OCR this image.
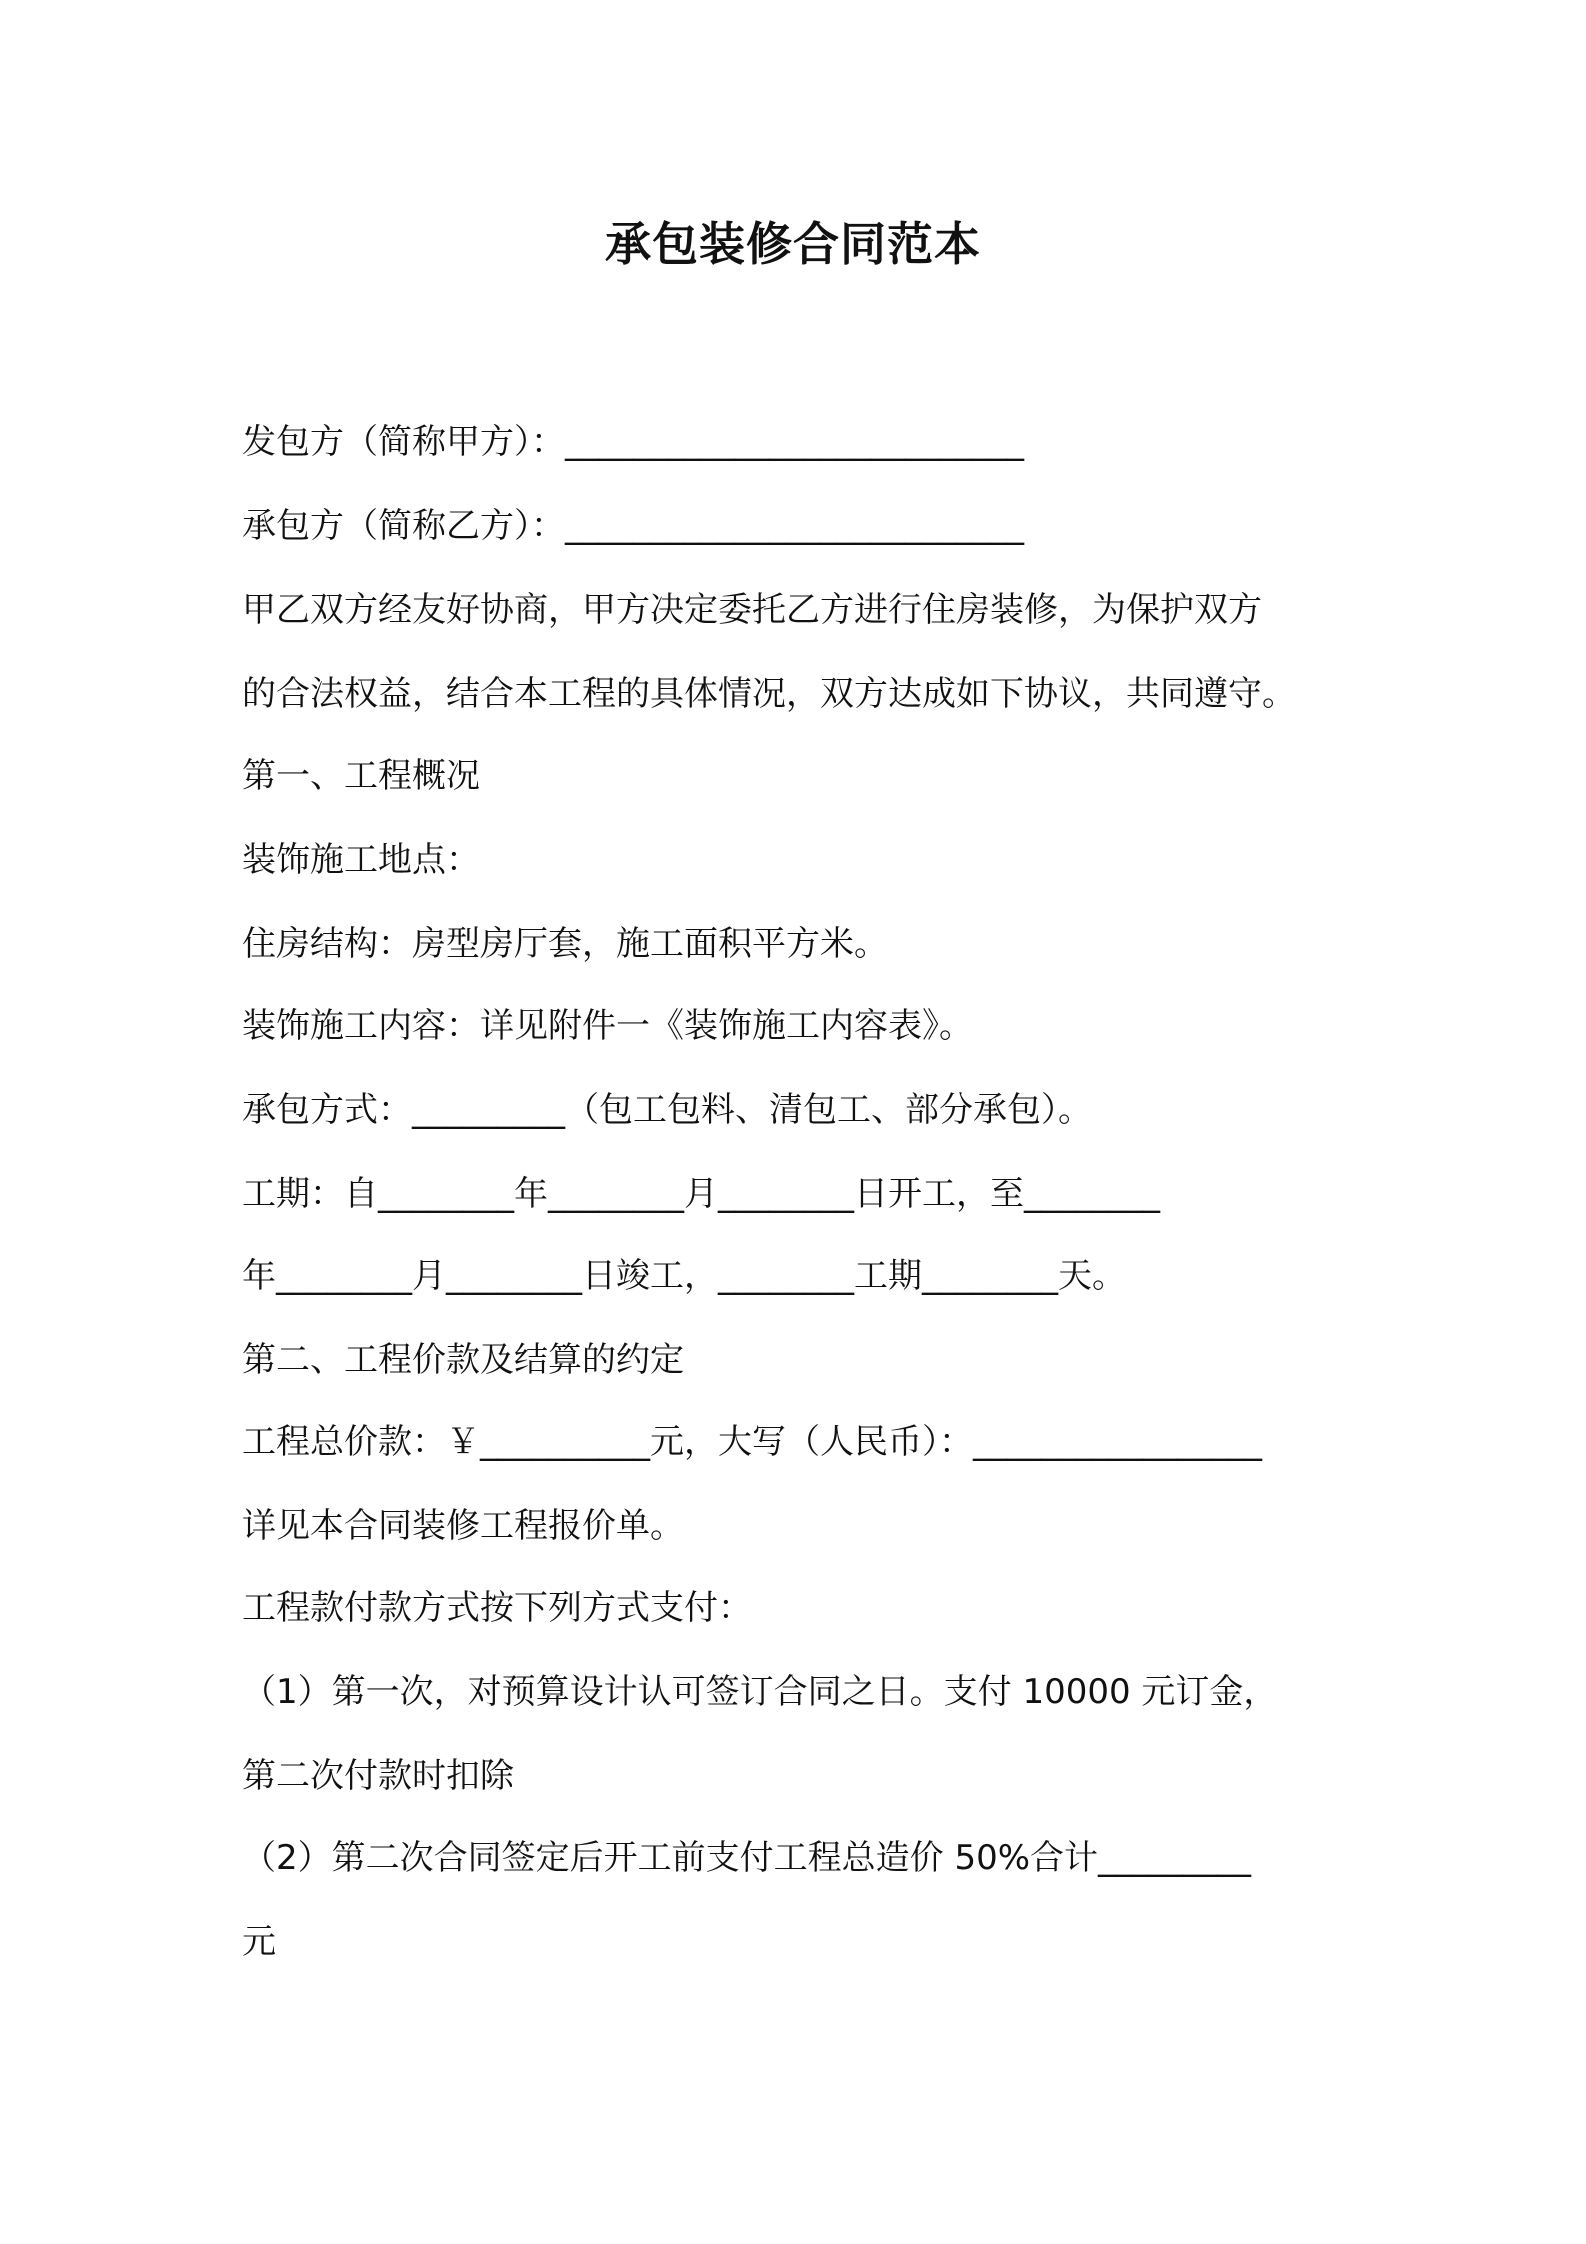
承包装修合同范本
发包方（简称甲方）：___________________________
承包方（简称乙方）：___________________________
甲乙双方经友好协商，甲方决定委托乙方进行住房装修，为保护双方
的合法权益，结合本工程的具体情况，双方达成如下协议，共同遵守。
第一、工程概况
装饰施工地点：
住房结构：房型房厅套，施工面积平方米。
装饰施工内容：详见附件一《装饰施工内容表》。
承包方式：_________（包工包料、清包工、部分承包）。
工期：自________年________月________日开工，至________
年________月________日竣工，________工期________天。
第二、工程价款及结算的约定
工程总价款：￥__________元，大写（人民币）：_________________
详见本合同装修工程报价单。
工程款付款方式按下列方式支付：
（1）第一次，对预算设计认可签订合同之日。支付 10000 元订金，
第二次付款时扣除
（2）第二次合同签定后开工前支付工程总造价 50%合计_________
元
